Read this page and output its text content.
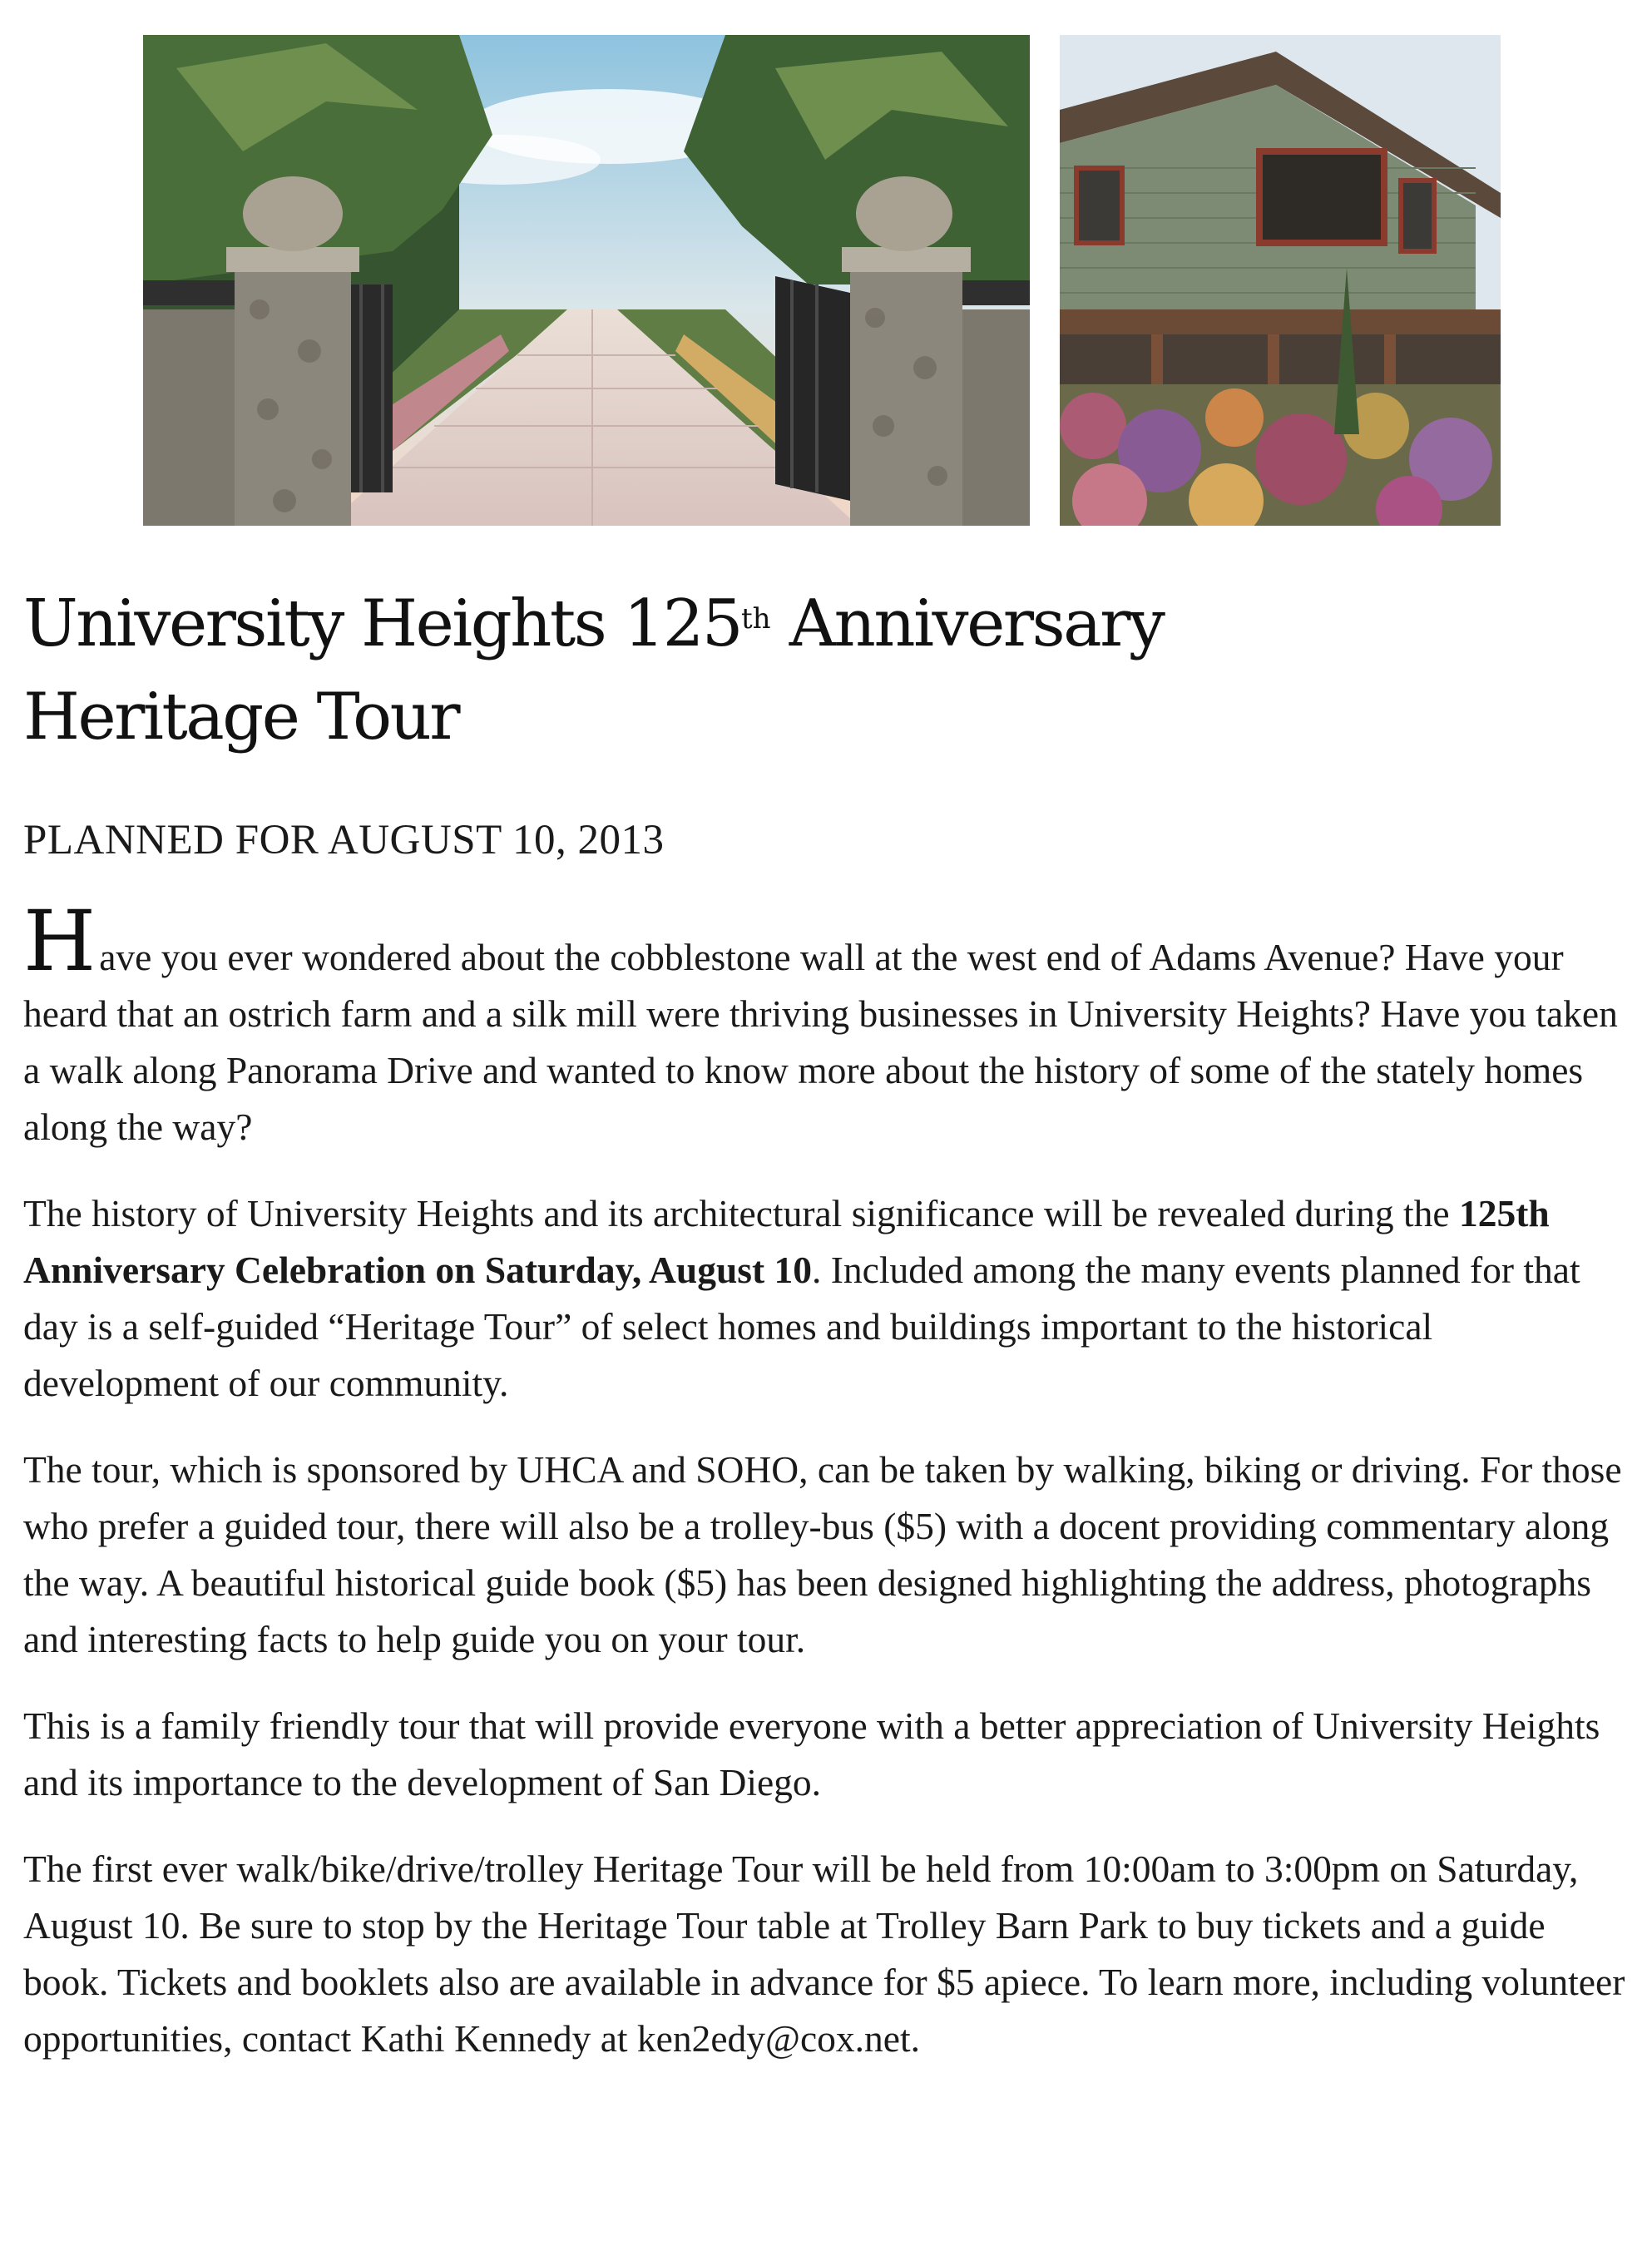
University Heights 125th Anniversary
Heritage Tour
PLANNED FOR AUGUST 10, 2013

Have you ever wondered about the cobblestone wall at the west end of Adams Avenue? Have your heard that an ostrich farm and a silk mill were thriving businesses in University Heights? Have you taken a walk along Panorama Drive and wanted to know more about the history of some of the stately homes along the way?

The history of University Heights and its architectural significance will be revealed during the 125th Anniversary Celebration on Saturday, August 10. Included among the many events planned for that day is a self-guided “Heritage Tour” of select homes and buildings important to the historical development of our community.

The tour, which is sponsored by UHCA and SOHO, can be taken by walking, biking or driving. For those who prefer a guided tour, there will also be a trolley-bus ($5) with a docent providing commentary along the way. A beautiful historical guide book ($5) has been designed highlighting the address, photographs and interesting facts to help guide you on your tour.

This is a family friendly tour that will provide everyone with a better appreciation of University Heights and its importance to the development of San Diego.

The first ever walk/bike/drive/trolley Heritage Tour will be held from 10:00am to 3:00pm on Saturday, August 10. Be sure to stop by the Heritage Tour table at Trolley Barn Park to buy tickets and a guide book. Tickets and booklets also are available in advance for $5 apiece. To learn more, including volunteer opportunities, contact Kathi Kennedy at ken2edy@cox.net.
